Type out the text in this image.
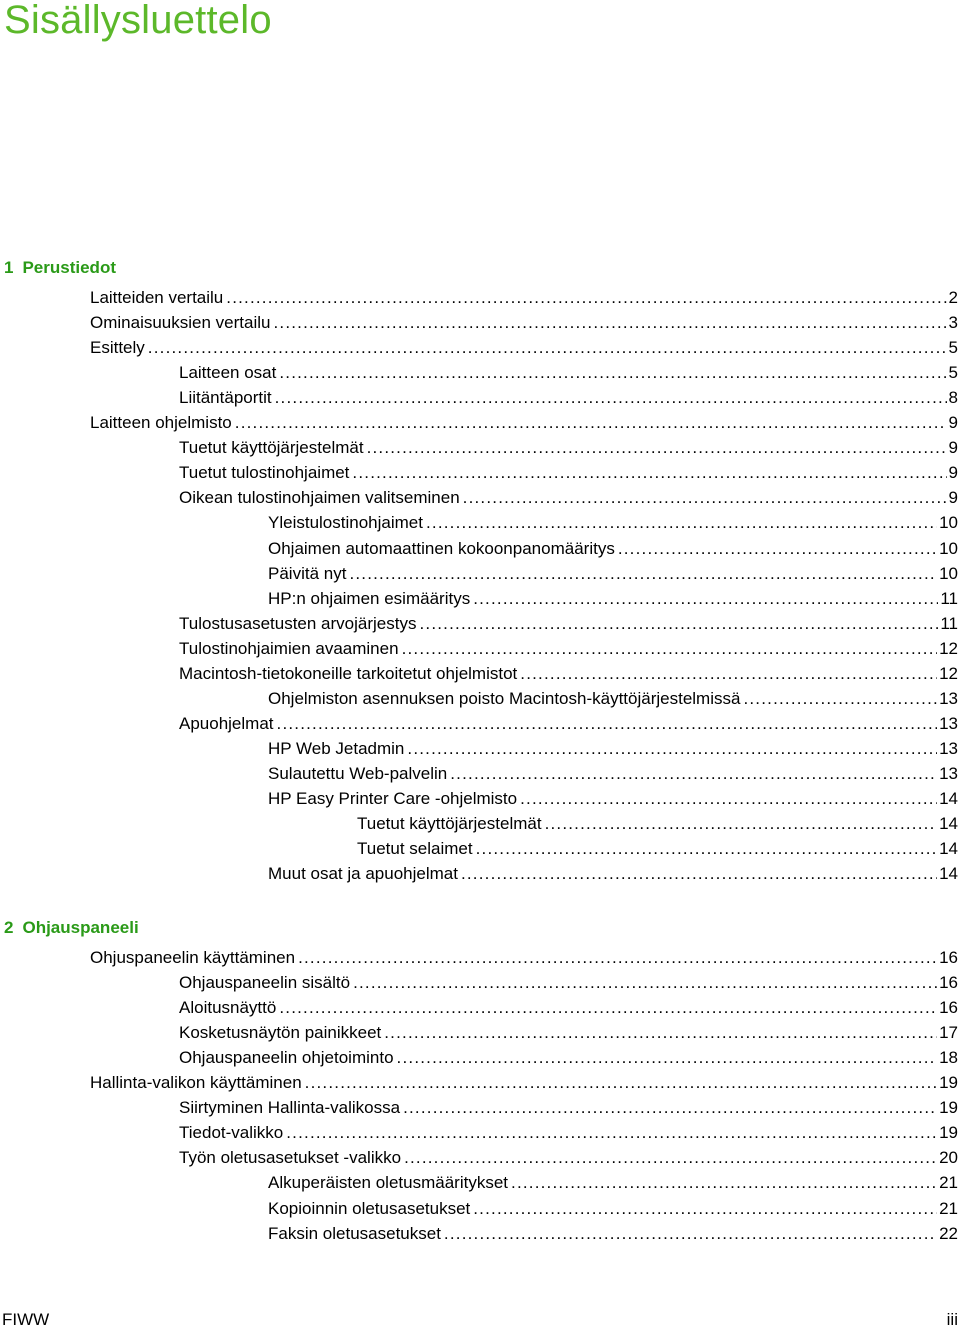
Sisällysluettelo
1 Perustiedot
Laitteiden vertailu .....	2
Ominaisuuksien vertailu .....	3
Esittely .....	5
Laitteen osat .....	5
Liitäntäportit .....	8
Laitteen ohjelmisto .....	9
Tuetut käyttöjärjestelmät .....	9
Tuetut tulostinohjaimet .....	9
Oikean tulostinohjaimen valitseminen .....	9
Yleistulostinohjaimet .....	10
Ohjaimen automaattinen kokoonpanomääritys .....	10
Päivitä nyt .....	10
HP:n ohjaimen esimääritys .....	11
Tulostusasetusten arvojärjestys .....	11
Tulostinohjaimien avaaminen .....	12
Macintosh-tietokoneille tarkoitetut ohjelmistot .....	12
Ohjelmiston asennuksen poisto Macintosh-käyttöjärjestelmissä .....	13
Apuohjelmat .....	13
HP Web Jetadmin .....	13
Sulautettu Web-palvelin .....	13
HP Easy Printer Care -ohjelmisto .....	14
Tuetut käyttöjärjestelmät .....	14
Tuetut selaimet .....	14
Muut osat ja apuohjelmat .....	14
2 Ohjauspaneeli
Ohjuspaneelin käyttäminen .....	16
Ohjauspaneelin sisältö .....	16
Aloitusnäyttö .....	16
Kosketusnäytön painikkeet .....	17
Ohjauspaneelin ohjetoiminto .....	18
Hallinta-valikon käyttäminen .....	19
Siirtyminen Hallinta-valikossa .....	19
Tiedot-valikko .....	19
Työn oletusasetukset -valikko .....	20
Alkuperäisten oletusmääritykset .....	21
Kopioinnin oletusasetukset .....	21
Faksin oletusasetukset .....	22
FIWW	iii
